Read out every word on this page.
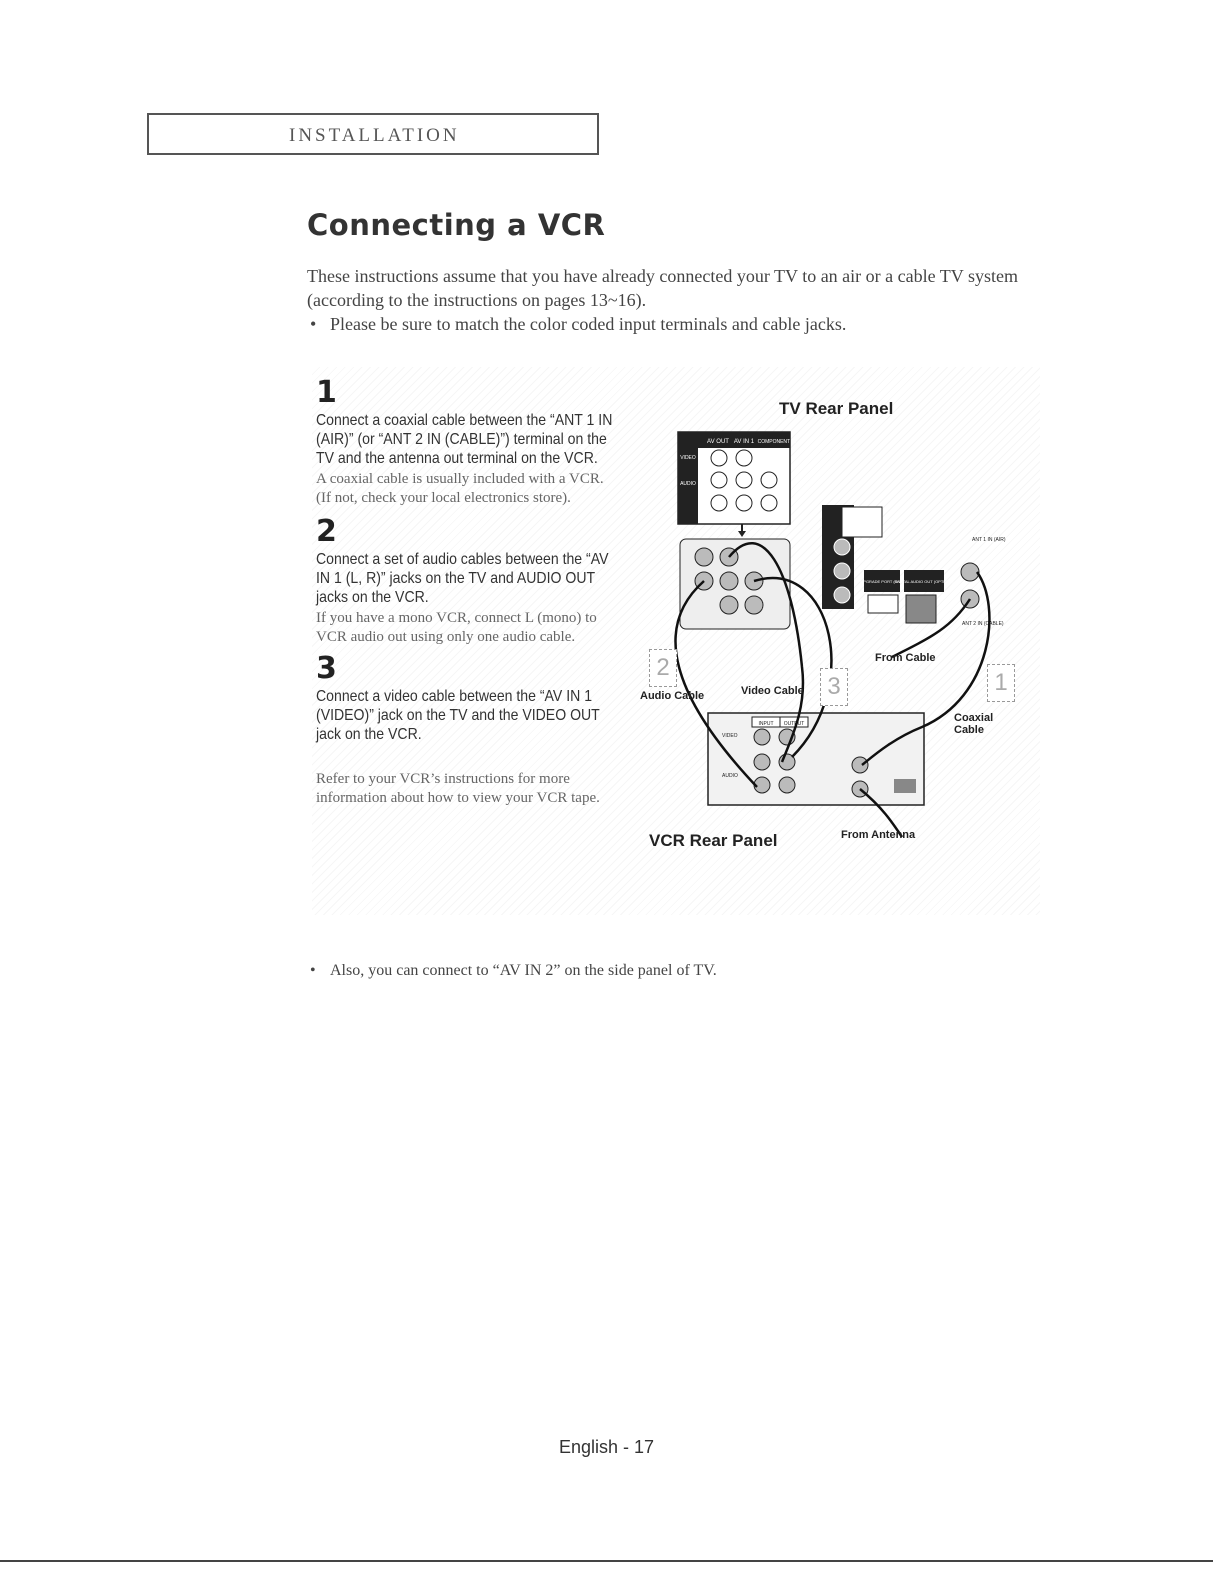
INSTALLATION
Connecting a VCR
These instructions assume that you have already connected your TV to an air or a cable TV system (according to the instructions on pages 13~16).
• Please be sure to match the color coded input terminals and cable jacks.
1
Connect a coaxial cable between the “ANT 1 IN (AIR)” (or “ANT 2 IN (CABLE)”) terminal on the TV and the antenna out terminal on the VCR.
A coaxial cable is usually included with a VCR. (If not, check your local electronics store).
2
Connect a set of audio cables between the “AV IN 1 (L, R)” jacks on the TV and AUDIO OUT jacks on the VCR.
If you have a mono VCR, connect L (mono) to VCR audio out using only one audio cable.
3
Connect a video cable between the “AV IN 1 (VIDEO)” jack on the TV and the VIDEO OUT jack on the VCR.
Refer to your VCR’s instructions for more information about how to view your VCR tape.
AV OUT AV IN 1 COMPONENT IN
VIDEO
AUDIO
UPGRADE PORT (S/W)
DIGITAL AUDIO OUT (OPTICAL)
ANT 1 IN (AIR)
ANT 2 IN (CABLE)
INPUT OUTPUT
VIDEO
AUDIO
TV Rear Panel
VCR Rear Panel
Audio Cable	Video Cable
From Cable
Coaxial
Cable
From Antenna
2
3	1
• Also, you can connect to “AV IN 2” on the side panel of TV.
English - 17
